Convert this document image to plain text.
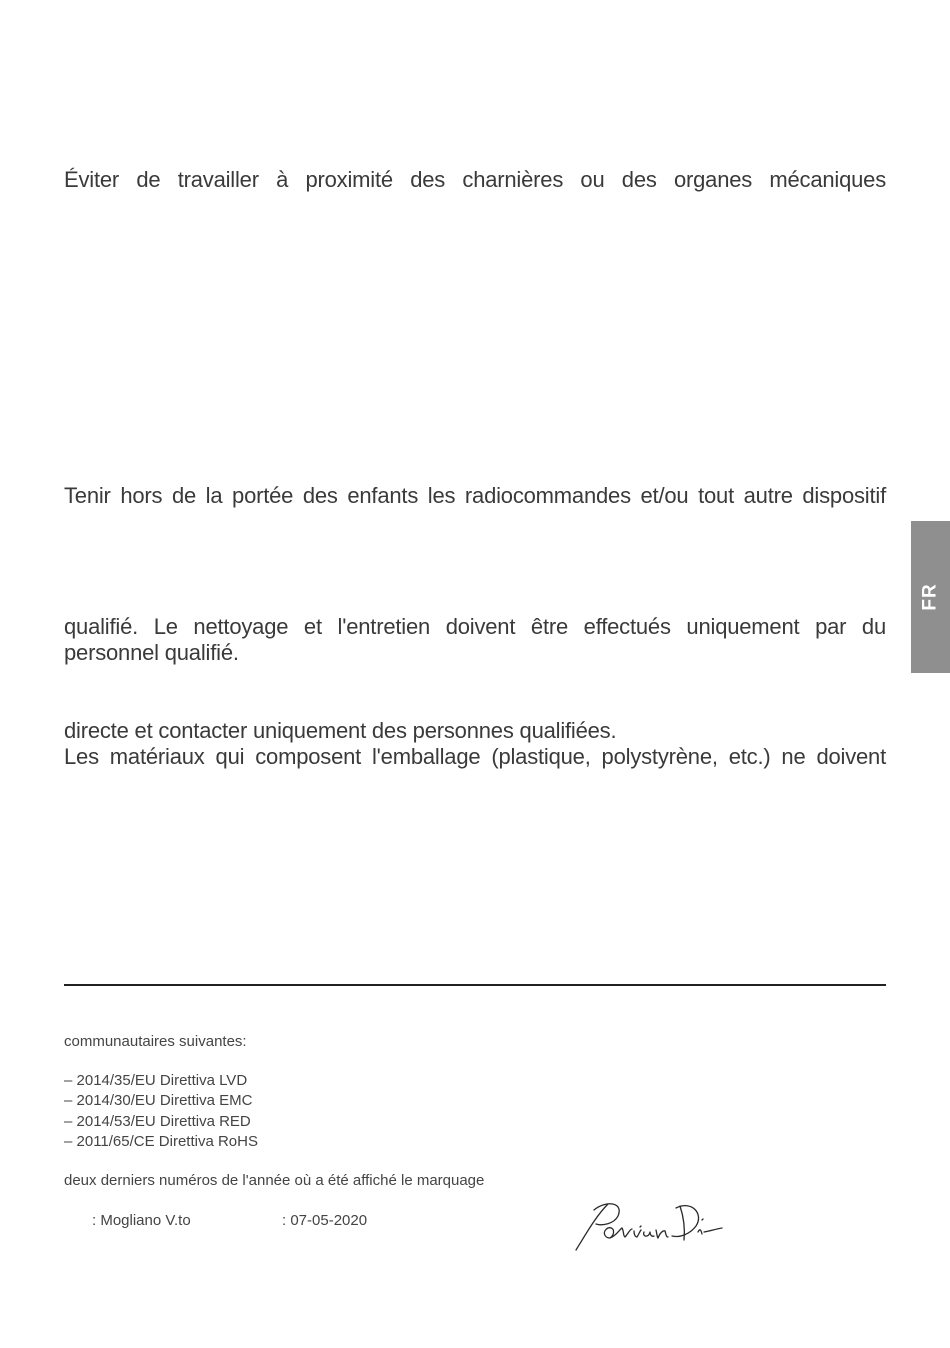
Éviter de travailler à proximité des charnières ou des organes mécaniques

Tenir hors de la portée des enfants les radiocommandes et/ou tout autre dispositif

qualifié. Le nettoyage et l'entretien doivent être effectués uniquement par du

personnel qualifié.

directe et contacter uniquement des personnes qualifiées.

Les matériaux qui composent l'emballage (plastique, polystyrène, etc.) ne doivent

FR

communautaires suivantes:

– 2014/35/EU Direttiva LVD

– 2014/30/EU Direttiva EMC

– 2014/53/EU Direttiva RED

– 2011/65/CE Direttiva RoHS

deux derniers numéros de l'année où a été affiché le marquage

: Mogliano V.to	: 07-05-2020
